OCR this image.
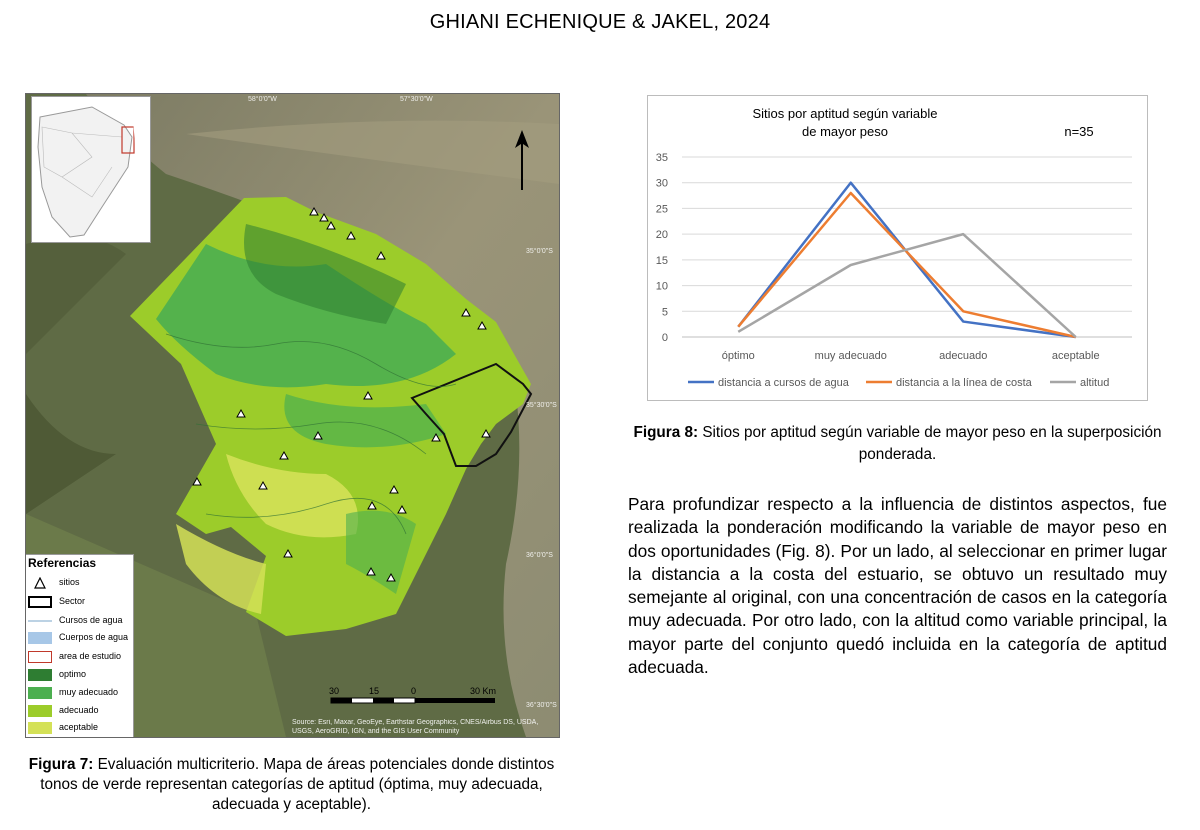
GHIANI ECHENIQUE & JAKEL, 2024
58°0'0"W	57°30'0"W
35°0'0"S
35°30'0"S
36°0'0"S
36°30'0"S
Referencias
sitios
Sector
Cursos de agua
Cuerpos de agua
area de estudio
optimo
muy adecuado
adecuado
aceptable
30	15	0	30 Km
Source: Esri, Maxar, GeoEye, Earthstar Geographics, CNES/Airbus DS, USDA, USGS, AeroGRID, IGN, and the GIS User Community
Figura 7: Evaluación multicriterio. Mapa de áreas potenciales donde distintos tonos de verde representan categorías de aptitud (óptima, muy adecuada, adecuada y aceptable).
Sitios por aptitud según variable
de mayor peso	n=35
0
5
10
15
20
25
30
35
óptimo	muy adecuado	adecuado	aceptable
distancia a cursos de agua	distancia a la línea de costa	altitud
Figura 8: Sitios por aptitud según variable de mayor peso en la superposición ponderada.
Para profundizar respecto a la influencia de distintos aspectos, fue realizada la ponderación modificando la variable de mayor peso en dos oportunidades (Fig. 8). Por un lado, al seleccionar en primer lugar la distancia a la costa del estuario, se obtuvo un resultado muy semejante al original, con una concentración de casos en la categoría muy adecuada. Por otro lado, con la altitud como variable principal, la mayor parte del conjunto quedó incluida en la categoría de aptitud adecuada.
